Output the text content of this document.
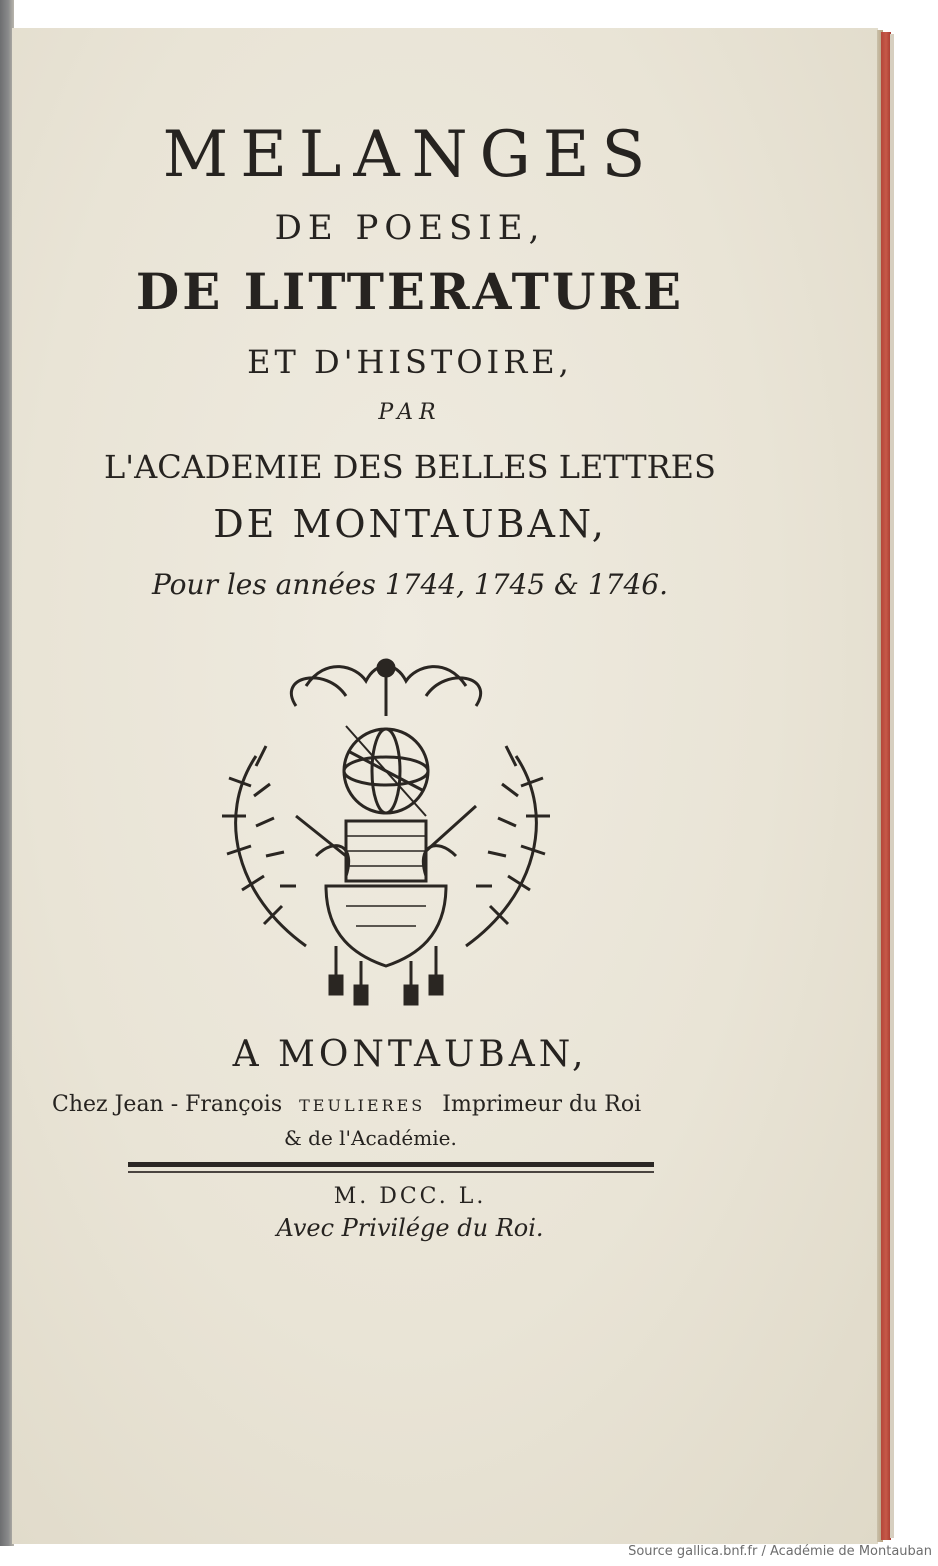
MELANGES
DE POESIE,
DE LITTERATURE
ET D'HISTOIRE,
PAR
L'ACADEMIE DES BELLES LETTRES
DE MONTAUBAN,
Pour les années 1744, 1745 & 1746.
A MONTAUBAN,
Chez Jean - François TEULIERES Imprimeur du Roi
& de l'Académie.
M. DCC. L.
Avec Privilége du Roi.
Source gallica.bnf.fr / Académie de Montauban
